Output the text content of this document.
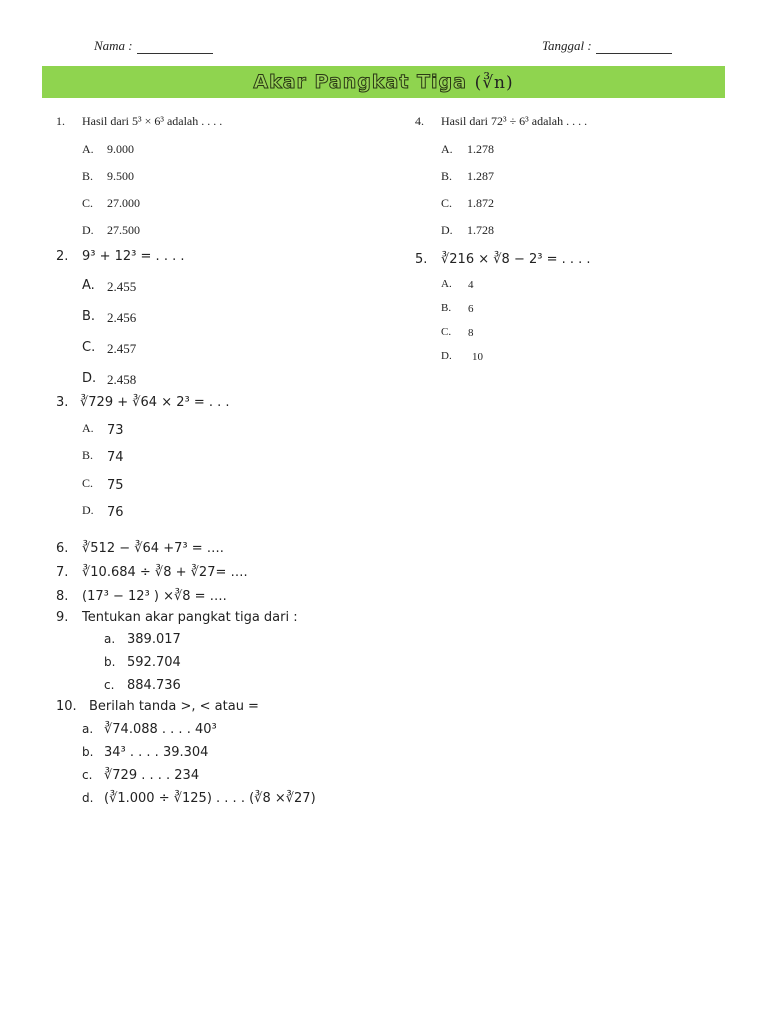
Nama :	Tanggal :
Akar Pangkat Tiga (∛n)
1. Hasil dari 5³ × 6³ adalah . . . .
A. 9.000
B. 9.500
C. 27.000
D. 27.500
2. 9³ + 12³ = . . . .
A. 2.455
B. 2.456
C. 2.457
D. 2.458
3. ∛729 + ∛64 × 2³ = . . .
A. 73
B. 74
C. 75
D. 76
4. Hasil dari 72³ ÷ 6³ adalah . . . .
A. 1.278
B. 1.287
C. 1.872
D. 1.728
5. ∛216 × ∛8 − 2³ = . . . .
A. 4
B. 6
C. 8
D. 10
6. ∛512 − ∛64 +7³ = ….
7. ∛10.684 ÷ ∛8 + ∛27= ….
8. (17³ − 12³ ) ×∛8 = ….
9. Tentukan akar pangkat tiga dari :
a. 389.017
b. 592.704
c. 884.736
10. Berilah tanda >, < atau =
a. ∛74.088 . . . . 40³
b. 34³ . . . . 39.304
c. ∛729 . . . . 234
d. (∛1.000 ÷ ∛125) . . . . (∛8 ×∛27)
